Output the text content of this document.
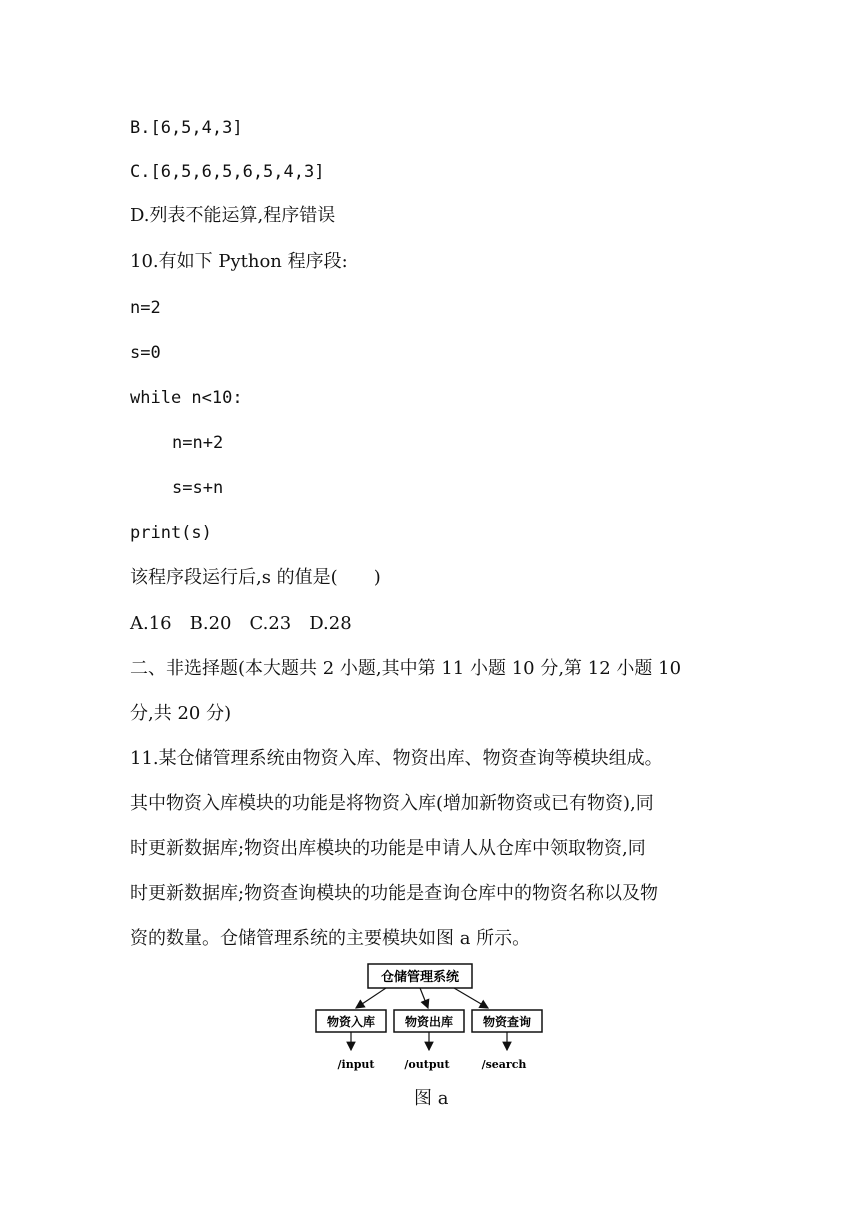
B.[6,5,4,3]
C.[6,5,6,5,6,5,4,3]
D.列表不能运算,程序错误
10.有如下 Python 程序段:
n=2
s=0
while n<10:
n=n+2
s=s+n
print(s)
该程序段运行后,s 的值是(　　)
A.16　B.20　C.23　D.28
二、非选择题(本大题共 2 小题,其中第 11 小题 10 分,第 12 小题 10
分,共 20 分)
11.某仓储管理系统由物资入库、物资出库、物资查询等模块组成。
其中物资入库模块的功能是将物资入库(增加新物资或已有物资),同
时更新数据库;物资出库模块的功能是申请人从仓库中领取物资,同
时更新数据库;物资查询模块的功能是查询仓库中的物资名称以及物
资的数量。仓储管理系统的主要模块如图 a 所示。
仓储管理系统
物资入库 物资出库 物资查询
/input	/output	/search
图 a
